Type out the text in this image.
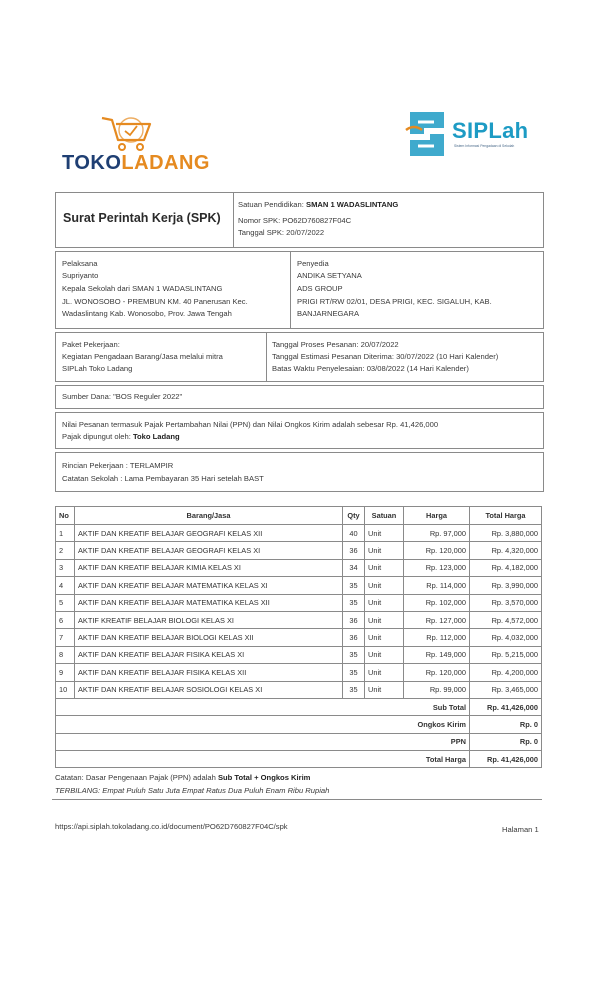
TOKOLADANG
SIPLah
Sistem Informasi Pengadaan di Sekolah
Surat Perintah Kerja (SPK)
Satuan Pendidikan: SMAN 1 WADASLINTANG
Nomor SPK: PO62D760827F04C
Tanggal SPK: 20/07/2022
Pelaksana
Supriyanto
Kepala Sekolah dari SMAN 1 WADASLINTANG
JL. WONOSOBO - PREMBUN KM. 40 Panerusan Kec.
Wadaslintang Kab. Wonosobo, Prov. Jawa Tengah
Penyedia
ANDIKA SETYANA
ADS GROUP
PRIGI RT/RW 02/01, DESA PRIGI, KEC. SIGALUH, KAB.
BANJARNEGARA
Paket Pekerjaan:
Kegiatan Pengadaan Barang/Jasa melalui mitra
SIPLah Toko Ladang
Tanggal Proses Pesanan: 20/07/2022
Tanggal Estimasi Pesanan Diterima: 30/07/2022 (10 Hari Kalender)
Batas Waktu Penyelesaian: 03/08/2022 (14 Hari Kalender)
Sumber Dana: "BOS Reguler 2022"
Nilai Pesanan termasuk Pajak Pertambahan Nilai (PPN) dan Nilai Ongkos Kirim adalah sebesar Rp. 41,426,000
Pajak dipungut oleh: Toko Ladang
Rincian Pekerjaan : TERLAMPIR
Catatan Sekolah : Lama Pembayaran 35 Hari setelah BAST
No	Barang/Jasa	Qty	Satuan	Harga	Total Harga
1	AKTIF DAN KREATIF BELAJAR GEOGRAFI KELAS XII	40	Unit	Rp. 97,000	Rp. 3,880,000
2	AKTIF DAN KREATIF BELAJAR GEOGRAFI KELAS XI	36	Unit	Rp. 120,000	Rp. 4,320,000
3	AKTIF DAN KREATIF BELAJAR KIMIA KELAS XI	34	Unit	Rp. 123,000	Rp. 4,182,000
4	AKTIF DAN KREATIF BELAJAR MATEMATIKA KELAS XI	35	Unit	Rp. 114,000	Rp. 3,990,000
5	AKTIF DAN KREATIF BELAJAR MATEMATIKA KELAS XII	35	Unit	Rp. 102,000	Rp. 3,570,000
6	AKTIF KREATIF BELAJAR BIOLOGI KELAS XI	36	Unit	Rp. 127,000	Rp. 4,572,000
7	AKTIF DAN KREATIF BELAJAR BIOLOGI KELAS XII	36	Unit	Rp. 112,000	Rp. 4,032,000
8	AKTIF DAN KREATIF BELAJAR FISIKA KELAS XI	35	Unit	Rp. 149,000	Rp. 5,215,000
9	AKTIF DAN KREATIF BELAJAR FISIKA KELAS XII	35	Unit	Rp. 120,000	Rp. 4,200,000
10	AKTIF DAN KREATIF BELAJAR SOSIOLOGI KELAS XI	35	Unit	Rp. 99,000	Rp. 3,465,000
				Sub Total	Rp. 41,426,000
				Ongkos Kirim	Rp. 0
				PPN	Rp. 0
				Total Harga	Rp. 41,426,000
Catatan: Dasar Pengenaan Pajak (PPN) adalah Sub Total + Ongkos Kirim
TERBILANG: Empat Puluh Satu Juta Empat Ratus Dua Puluh Enam Ribu Rupiah
https://api.siplah.tokoladang.co.id/document/PO62D760827F04C/spk	Halaman 1
